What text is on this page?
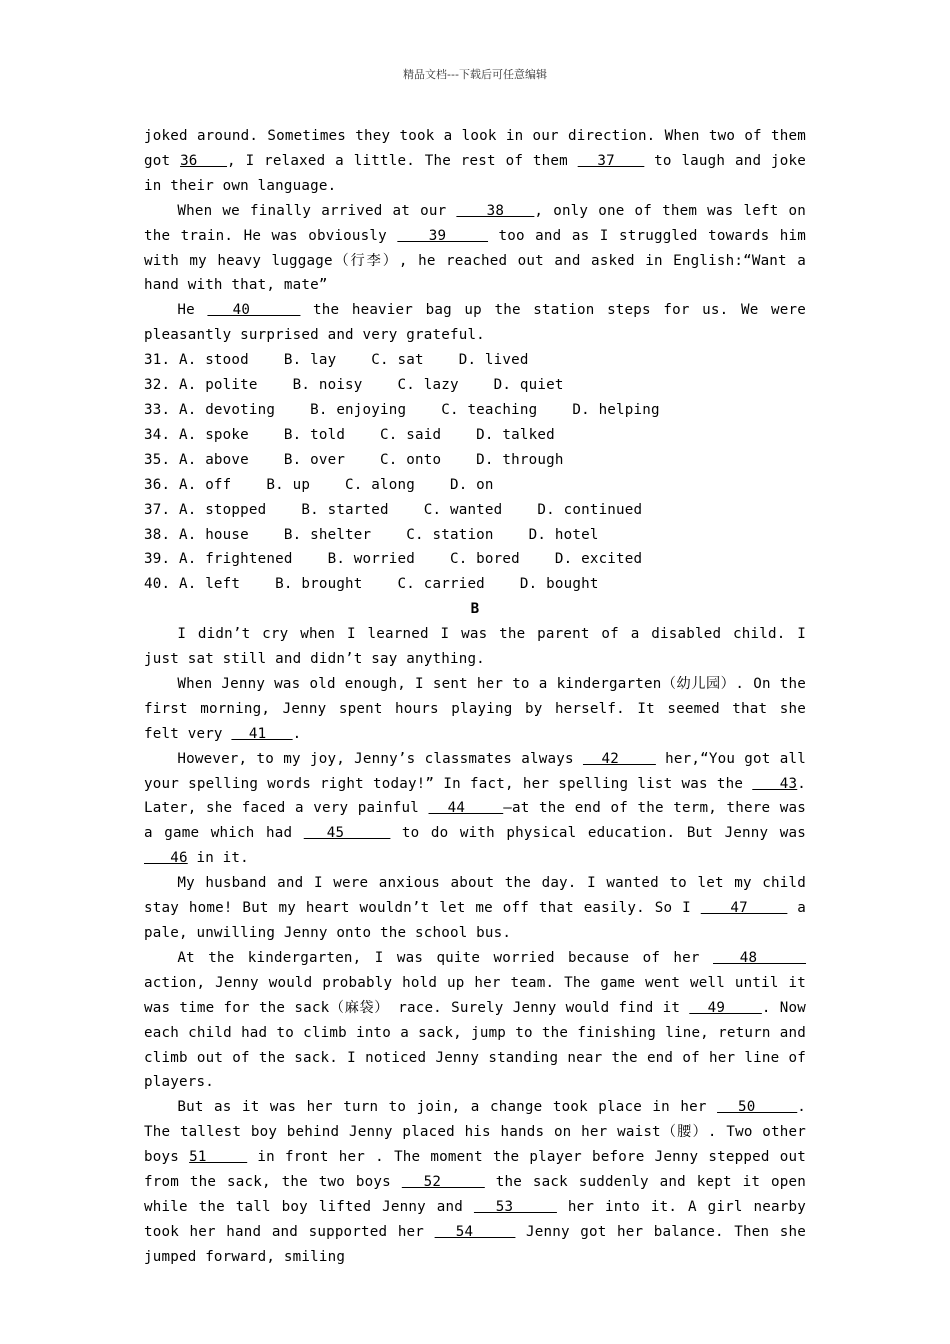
精品文档---下载后可任意编辑

joked around. Sometimes they took a look in our direction. When two of them got 36   , I relaxed a little. The rest of them   37    to laugh and joke in their own language.

When we finally arrived at our    38   , only one of them was left on the train. He was obviously    39     too and as I struggled towards him with my heavy luggage（行李）, he reached out and asked in English:“Want a hand with that, mate”

He   40     the heavier bag up the station steps for us. We were pleasantly surprised and very grateful.

31. A. stood    B. lay    C. sat    D. lived

32. A. polite    B. noisy    C. lazy    D. quiet

33. A. devoting    B. enjoying    C. teaching    D. helping

34. A. spoke    B. told    C. said    D. talked

35. A. above    B. over    C. onto    D. through

36. A. off    B. up    C. along    D. on

37. A. stopped    B. started    C. wanted    D. continued

38. A. house    B. shelter    C. station    D. hotel

39. A. frightened    B. worried    C. bored    D. excited

40. A. left    B. brought    C. carried    D. bought

B

I didn’t cry when I learned I was the parent of a disabled child. I just sat still and didn’t say anything.

When Jenny was old enough, I sent her to a kindergarten（幼儿园）. On the first morning, Jenny spent hours playing by herself. It seemed that she felt very   41   .

However, to my joy, Jenny’s classmates always   42     her,“You got all your spelling words right today!” In fact, her spelling list was the    43. Later, she faced a very painful   44    —at the end of the term, there was a game which had   45     to do with physical education. But Jenny was    46 in it.

My husband and I were anxious about the day. I wanted to let my child stay home! But my heart wouldn’t let me off that easily. So I    47     a pale, unwilling Jenny onto the school bus.

At the kindergarten, I was quite worried because of her   48     action, Jenny would probably hold up her team. The game went well until it was time for the sack（麻袋） race. Surely Jenny would find it   49    . Now each child had to climb into a sack, jump to the finishing line, return and climb out of the sack. I noticed Jenny standing near the end of her line of players.

But as it was her turn to join, a change took place in her   50    . The tallest boy behind Jenny placed his hands on her waist（腰）. Two other boys 51     in front her . The moment the player before Jenny stepped out from the sack, the two boys   52     the sack suddenly and kept it open while the tall boy lifted Jenny and   53     her into it. A girl nearby took her hand and supported her   54     Jenny got her balance. Then she jumped forward, smiling
